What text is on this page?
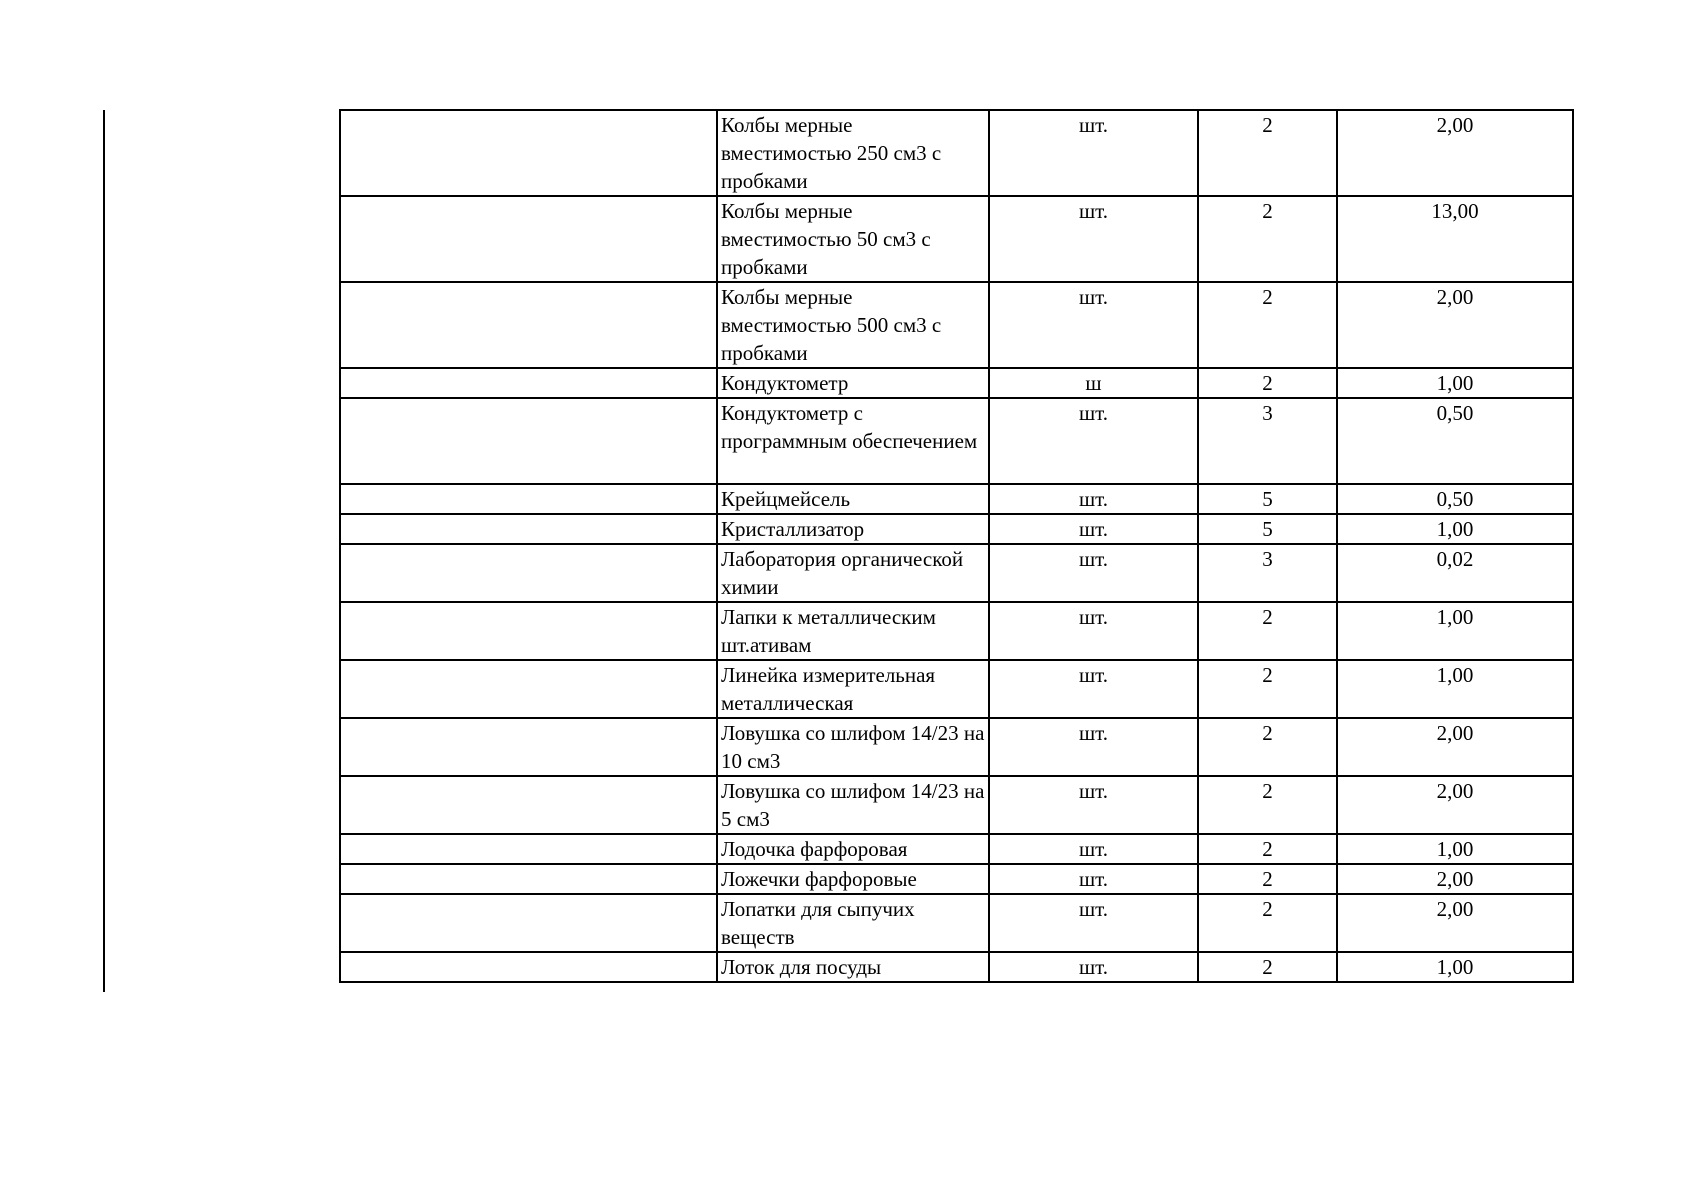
	Колбы мерные вместимостью 250 см3 с пробками	шт.	2	2,00
	Колбы мерные вместимостью 50 см3 с пробками	шт.	2	13,00
	Колбы мерные вместимостью 500 см3 с пробками	шт.	2	2,00
	Кондуктометр	ш	2	1,00
	Кондуктометр с программным обеспечением	шт.	3	0,50
	Крейцмейсель	шт.	5	0,50
	Кристаллизатор	шт.	5	1,00
	Лаборатория органической химии	шт.	3	0,02
	Лапки к металлическим шт.ативам	шт.	2	1,00
	Линейка измерительная металлическая	шт.	2	1,00
	Ловушка со шлифом 14/23 на 10 см3	шт.	2	2,00
	Ловушка со шлифом 14/23 на 5 см3	шт.	2	2,00
	Лодочка фарфоровая	шт.	2	1,00
	Ложечки фарфоровые	шт.	2	2,00
	Лопатки для сыпучих веществ	шт.	2	2,00
	Лоток для посуды	шт.	2	1,00
